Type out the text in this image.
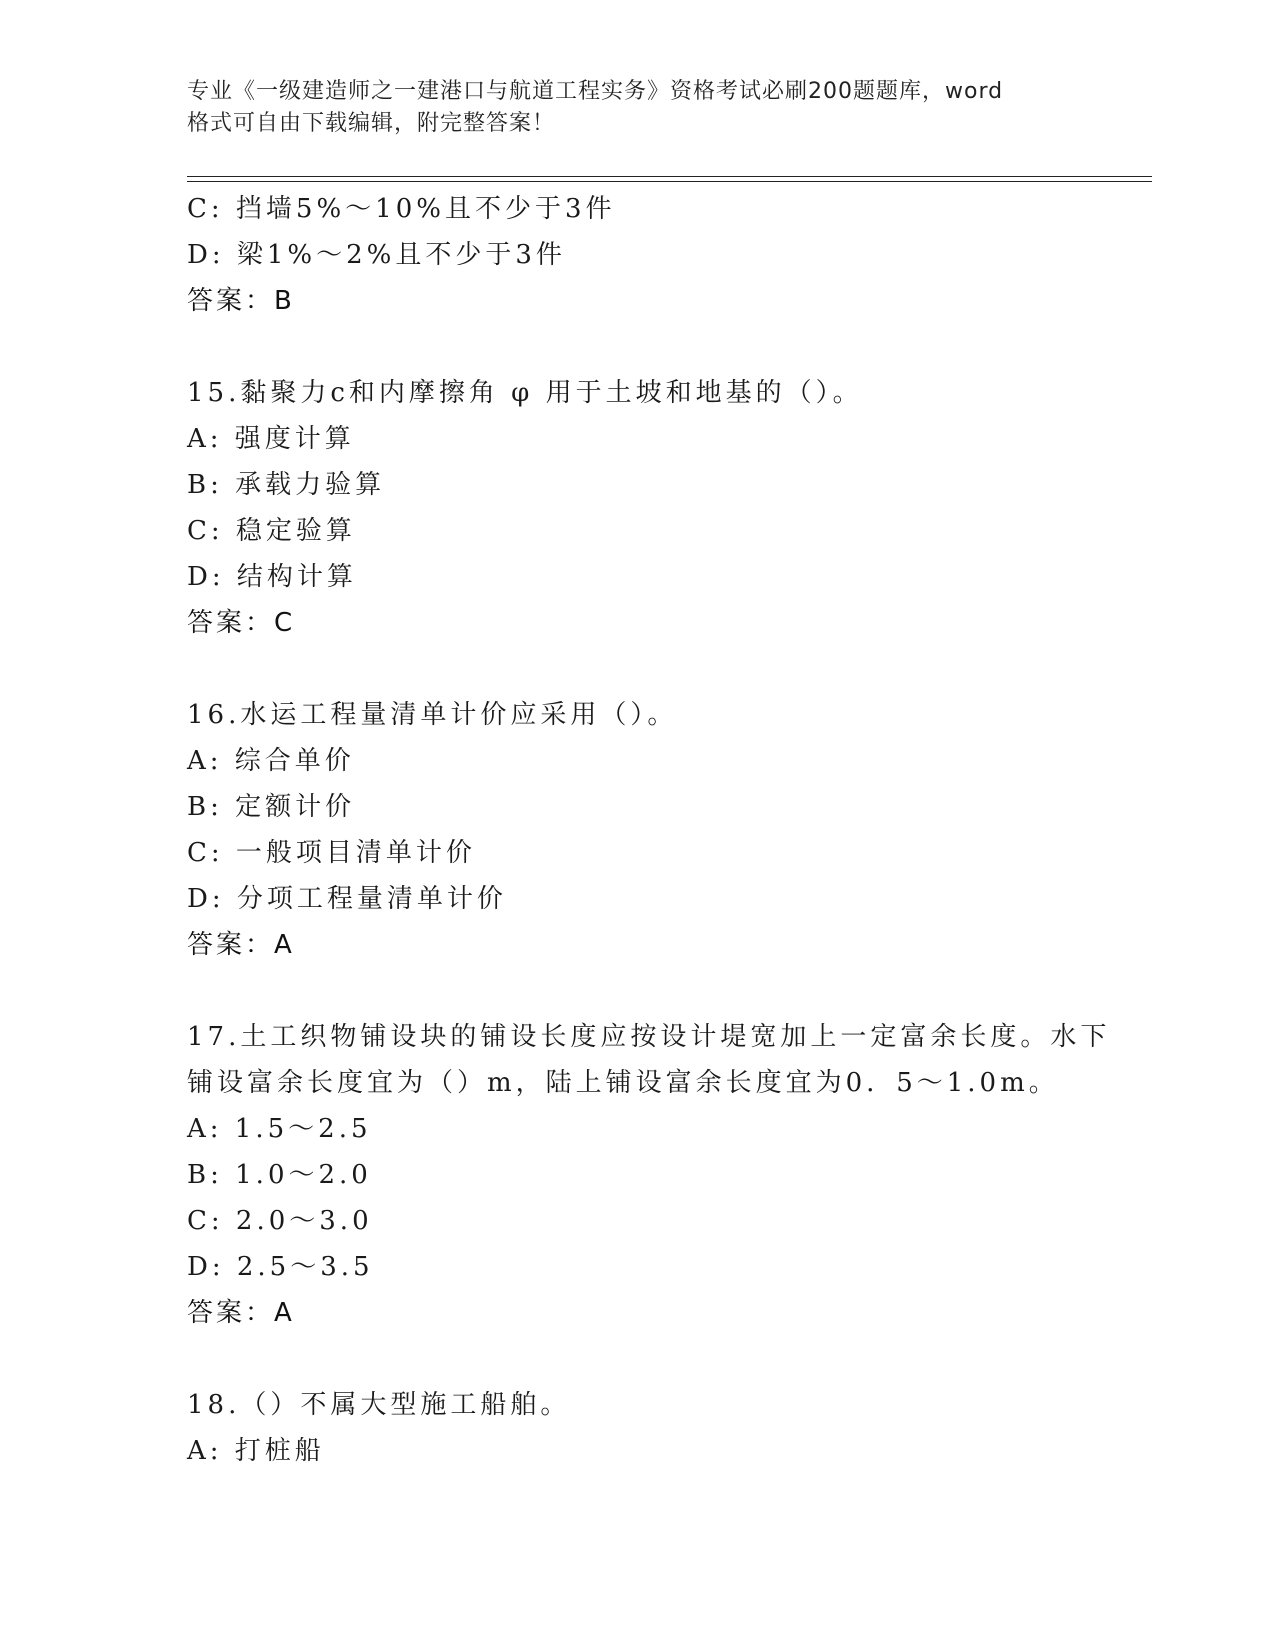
专业《一级建造师之一建港口与航道工程实务》资格考试必刷200题题库，word
格式可自由下载编辑，附完整答案！
C: 挡墙5%～10%且不少于3件
D: 梁1%～2%且不少于3件
答案：B
15.黏聚力c和内摩擦角 φ 用于土坡和地基的（）。
A: 强度计算
B: 承载力验算
C: 稳定验算
D: 结构计算
答案：C
16.水运工程量清单计价应采用（）。
A: 综合单价
B: 定额计价
C: 一般项目清单计价
D: 分项工程量清单计价
答案：A
17.土工织物铺设块的铺设长度应按设计堤宽加上一定富余长度。水下
铺设富余长度宜为（）m，陆上铺设富余长度宜为0．5～1.0m。
A: 1.5～2.5
B: 1.0～2.0
C: 2.0～3.0
D: 2.5～3.5
答案：A
18.（）不属大型施工船舶。
A: 打桩船
